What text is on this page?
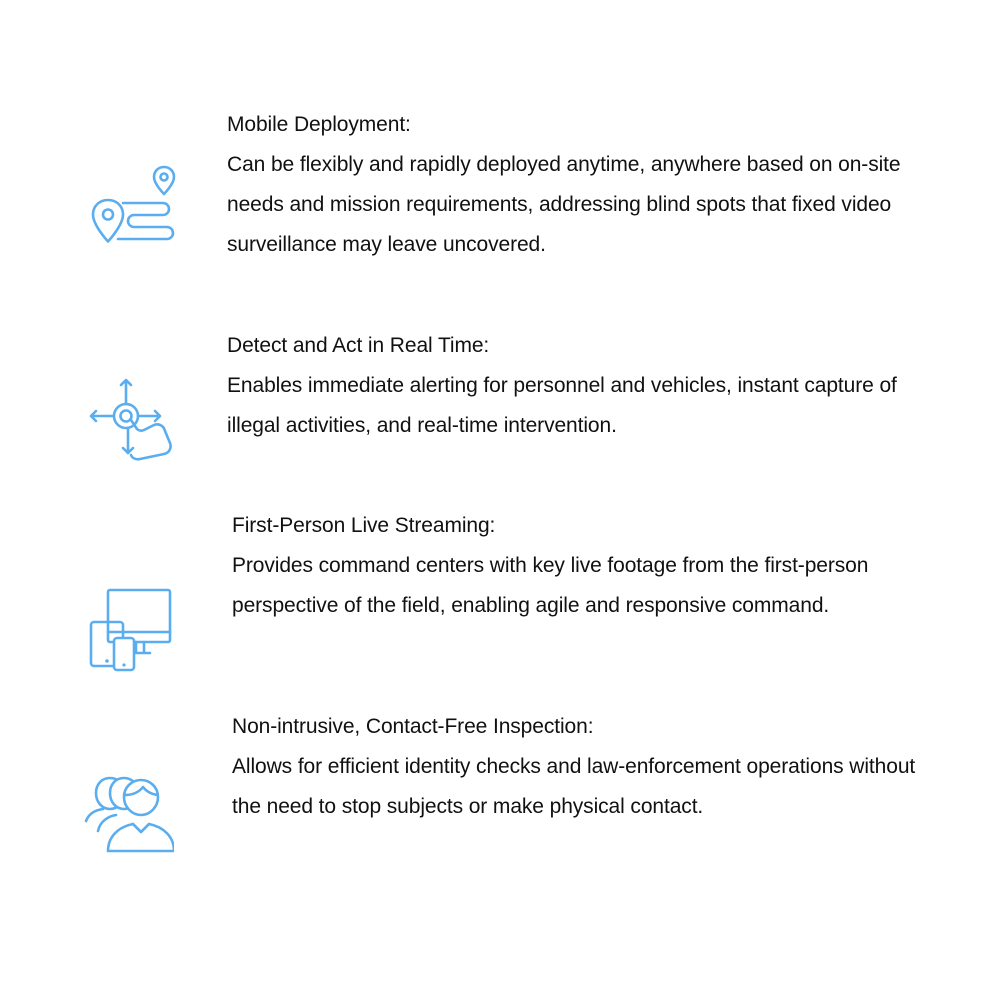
Mobile Deployment:
Can be flexibly and rapidly deployed anytime, anywhere based on on-site needs and mission requirements, addressing blind spots that fixed video surveillance may leave uncovered.
Detect and Act in Real Time:
Enables immediate alerting for personnel and vehicles, instant capture of illegal activities, and real-time intervention.
First-Person Live Streaming:
Provides command centers with key live footage from the first-person perspective of the field, enabling agile and responsive command.
Non-intrusive, Contact-Free Inspection:
Allows for efficient identity checks and law-enforcement operations without the need to stop subjects or make physical contact.
